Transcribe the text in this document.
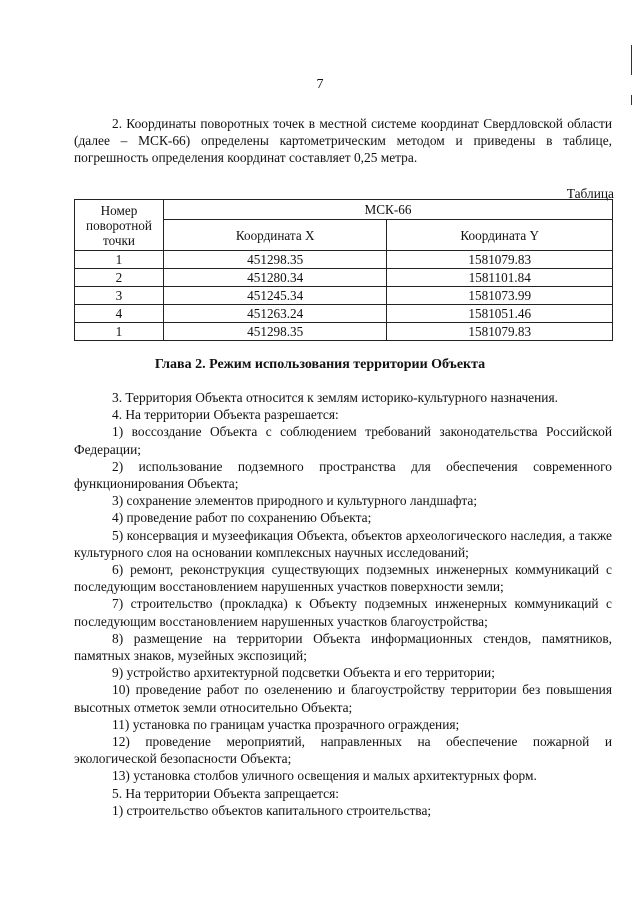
7
2. Координаты поворотных точек в местной системе координат Свердловской области (далее – МСК-66) определены картометрическим методом и приведены в таблице, погрешность определения координат составляет 0,25 метра.
Таблица
Номер поворотной точки	МСК-66	
	Координата X	Координата Y
1	451298.35	1581079.83
2	451280.34	1581101.84
3	451245.34	1581073.99
4	451263.24	1581051.46
1	451298.35	1581079.83
Глава 2. Режим использования территории Объекта

3. Территория Объекта относится к землям историко-культурного назначения.

4. На территории Объекта разрешается:

1) воссоздание Объекта с соблюдением требований законодательства Российской Федерации;

2) использование подземного пространства для обеспечения современного функционирования Объекта;

3) сохранение элементов природного и культурного ландшафта;

4) проведение работ по сохранению Объекта;

5) консервация и музеефикация Объекта, объектов археологического наследия, а также культурного слоя на основании комплексных научных исследований;

6) ремонт, реконструкция существующих подземных инженерных коммуникаций с последующим восстановлением нарушенных участков поверхности земли;

7) строительство (прокладка) к Объекту подземных инженерных коммуникаций с последующим восстановлением нарушенных участков благоустройства;

8) размещение на территории Объекта информационных стендов, памятников, памятных знаков, музейных экспозиций;

9) устройство архитектурной подсветки Объекта и его территории;

10) проведение работ по озеленению и благоустройству территории без повышения высотных отметок земли относительно Объекта;

11) установка по границам участка прозрачного ограждения;

12) проведение мероприятий, направленных на обеспечение пожарной и экологической безопасности Объекта;

13) установка столбов уличного освещения и малых архитектурных форм.

5. На территории Объекта запрещается:

1) строительство объектов капитального строительства;
